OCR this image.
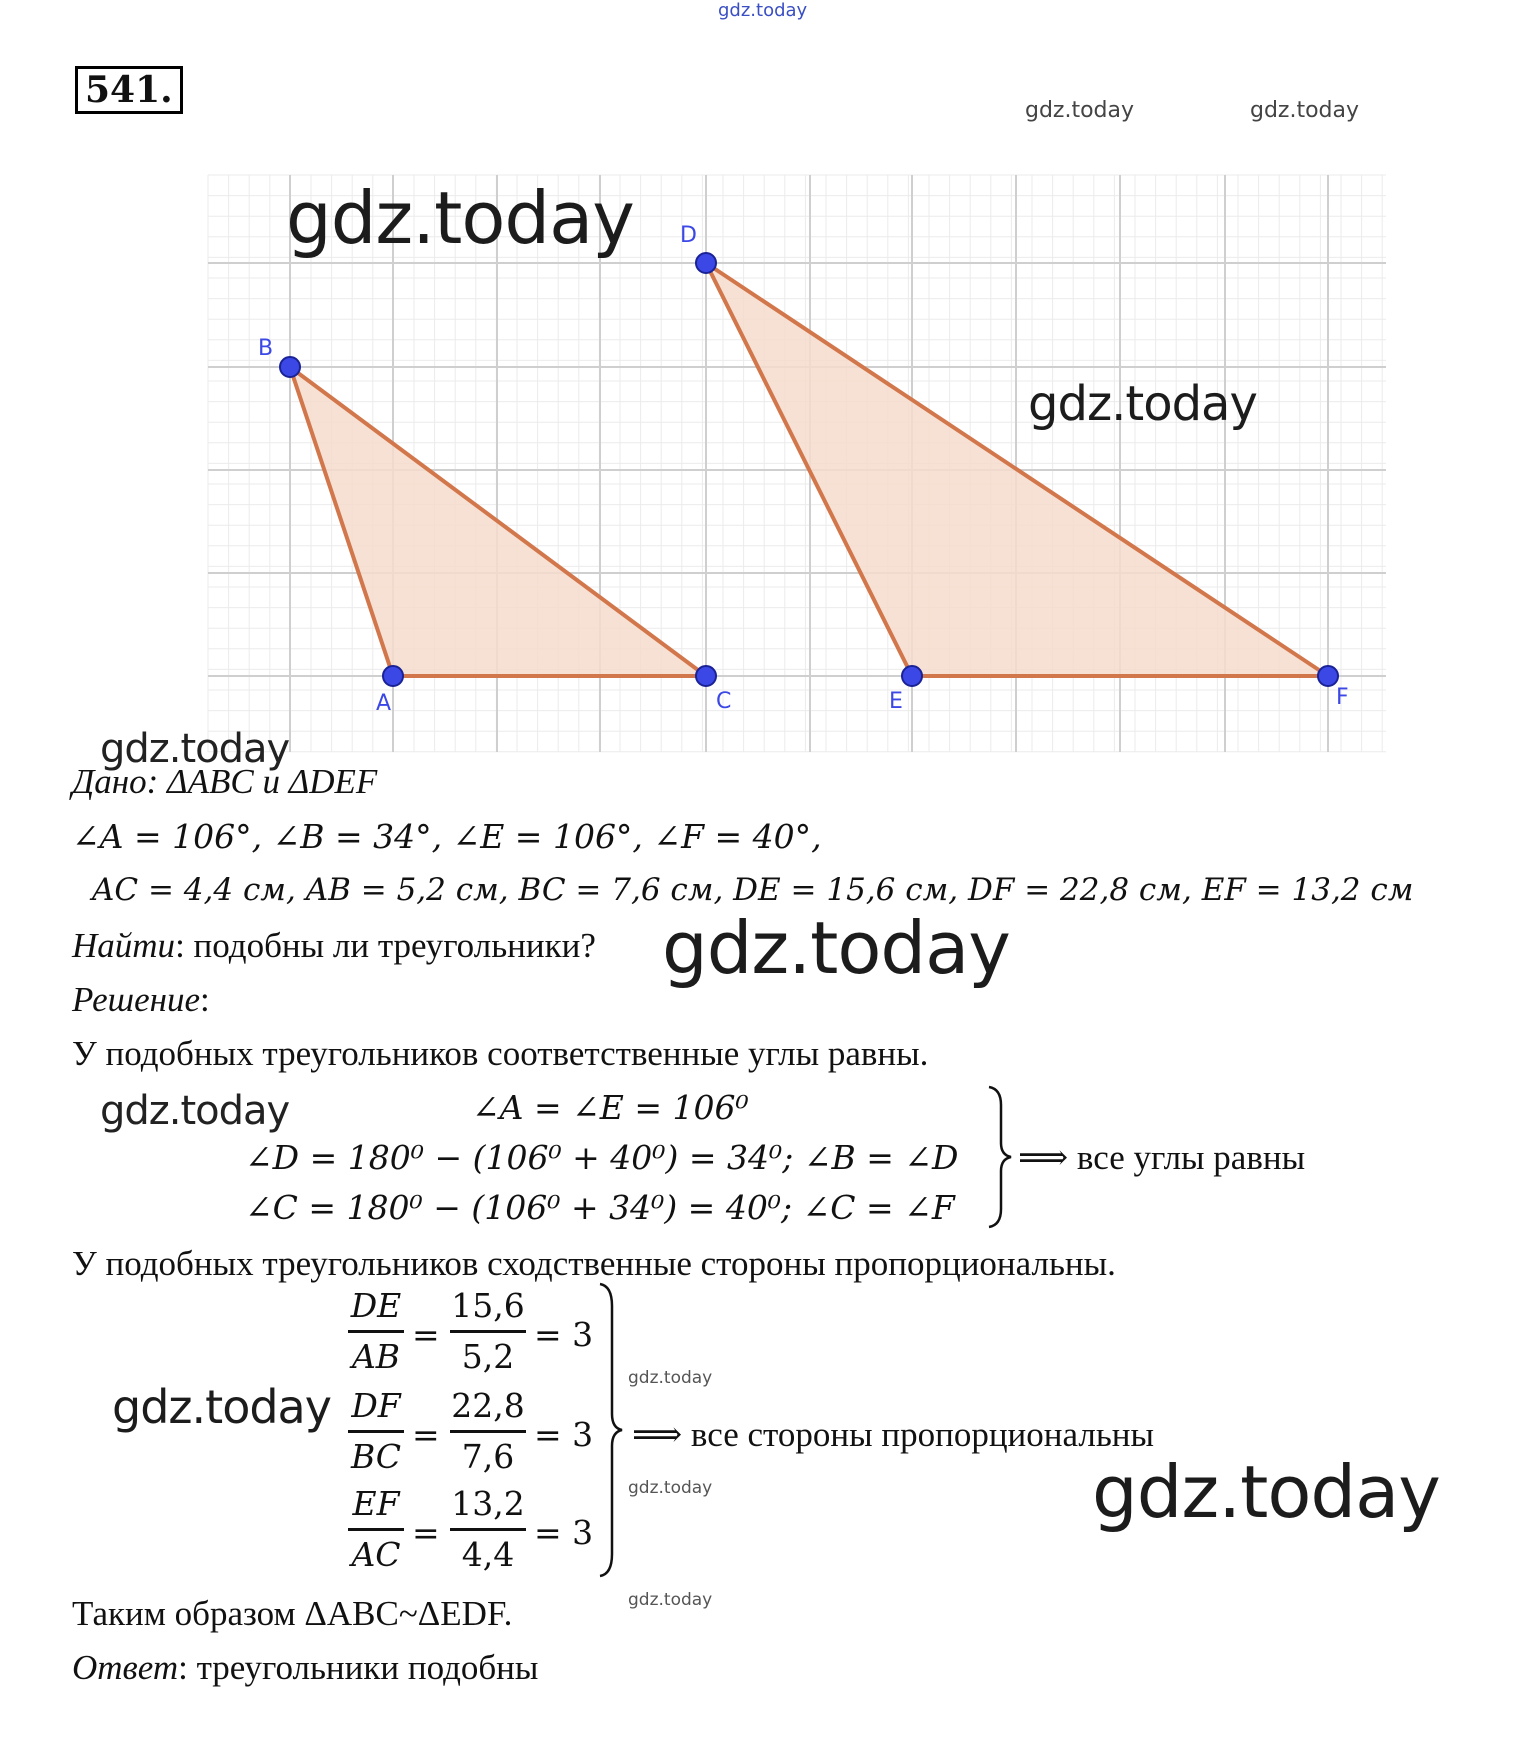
541.
gdz.today
gdz.today	gdz.today
A
B
C
D
E	F
gdz.today
gdz.today
gdz.today
Дано: ΔABC и ΔDEF
∠A = 106°, ∠B = 34°, ∠E = 106°, ∠F = 40°,
AC = 4,4 см, AB = 5,2 см, BC = 7,6 см, DE = 15,6 см, DF = 22,8 см, EF = 13,2 см
Найти: подобны ли треугольники? gdz.today
Решение:
У подобных треугольников соответственные углы равны.
gdz.today	∠A = ∠E = 106⁰
∠D = 180⁰ − (106⁰ + 40⁰) = 34⁰; ∠B = ∠D
∠C = 180⁰ − (106⁰ + 34⁰) = 40⁰; ∠C = ∠F
⟹ все углы равны
У подобных треугольников сходственные стороны пропорциональны.
gdz.today
DE
AB
=
15,6
5,2
= 3
DF
BC
=
22,8
7,6
= 3
EF
AC
=
13,2
4,4
= 3
⟹ все стороны пропорциональны
gdz.today
gdz.today
gdz.today
gdz.today
Таким образом ΔABC~ΔEDF.
Ответ: треугольники подобны
